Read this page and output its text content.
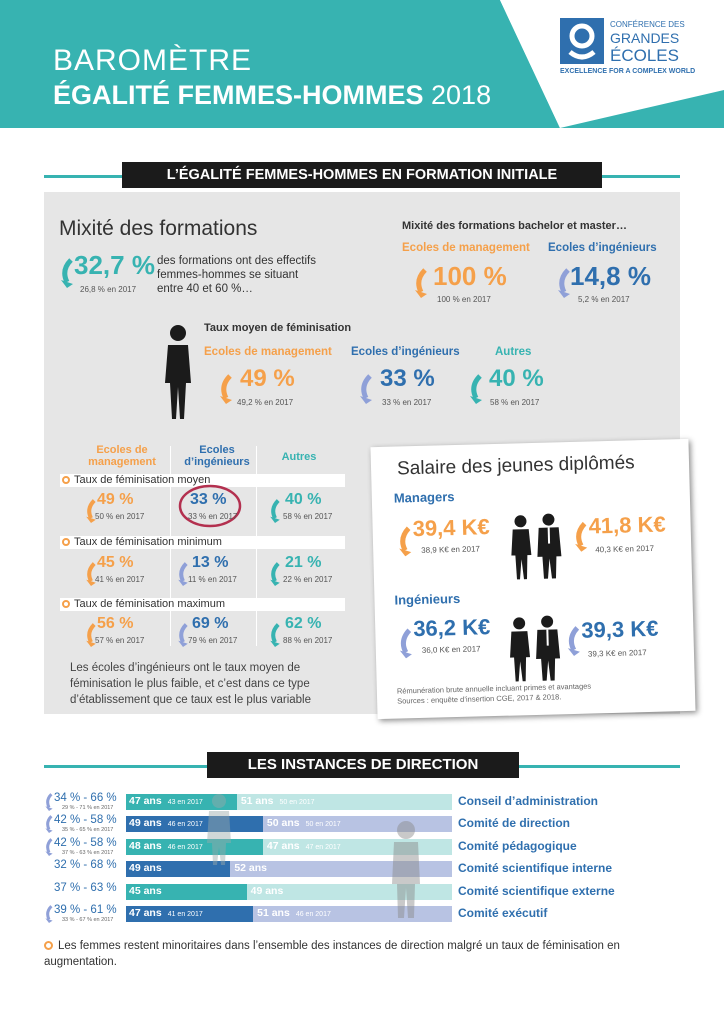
BAROMÈTRE
ÉGALITÉ FEMMES-HOMMES 2018
CONFÉRENCE DES
GRANDES
ÉCOLES
EXCELLENCE FOR A COMPLEX WORLD
L’ÉGALITÉ FEMMES-HOMMES EN FORMATION INITIALE
Mixité des formations
32,7 %
26,8 % en 2017
des formations ont des effectifs femmes-hommes se situant entre 40 et 60 %…
Mixité des formations bachelor et master…
Ecoles de management
100 %
100 % en 2017
Ecoles d’ingénieurs
14,8 %
5,2 % en 2017
Taux moyen de féminisation
Ecoles de management
49 %
49,2 % en 2017
Ecoles d’ingénieurs
33 %
33 % en 2017
Autres
40 %
58 % en 2017
Ecoles de management
Ecoles d’ingénieurs	Autres
Taux de féminisation moyen
49 %
50 % en 2017
33 %
33 % en 2017
40 %
58 % en 2017
Taux de féminisation minimum
45 %
41 % en 2017
13 %
11 % en 2017
21 %
22 % en 2017
Taux de féminisation maximum
56 %
57 % en 2017
69 %
79 % en 2017
62 %
88 % en 2017
Les écoles d’ingénieurs ont le taux moyen de féminisation le plus faible, et c’est dans ce type d’établissement que ce taux est le plus variable
Salaire des jeunes diplômés
Managers
39,4 K€
38,9 K€ en 2017
41,8 K€
40,3 K€ en 2017
Ingénieurs
36,2 K€
36,0 K€ en 2017
39,3 K€
39,3 K€ en 2017
Rémunération brute annuelle incluant primes et avantages
Sources : enquête d’insertion CGE, 2017 & 2018.
LES INSTANCES DE DIRECTION
34 % - 66 %
29 % - 71 % en 2017
47 ans 43 en 2017	51 ans 50 en 2017	Conseil d’administration
42 % - 58 %
35 % - 65 % en 2017
49 ans 46 en 2017	50 ans 50 en 2017	Comité de direction
42 % - 58 %
37 % - 63 % en 2017
48 ans 46 en 2017	47 ans 47 en 2017	Comité pédagogique
32 % - 68 % 49 ans	52 ans	Comité scientifique interne
37 % - 63 % 45 ans	49 ans	Comité scientifique externe
39 % - 61 %
33 % - 67 % en 2017
47 ans 41 en 2017	51 ans 46 en 2017	Comité exécutif
Les femmes restent minoritaires dans l’ensemble des instances de direction malgré un taux de féminisation en augmentation.
